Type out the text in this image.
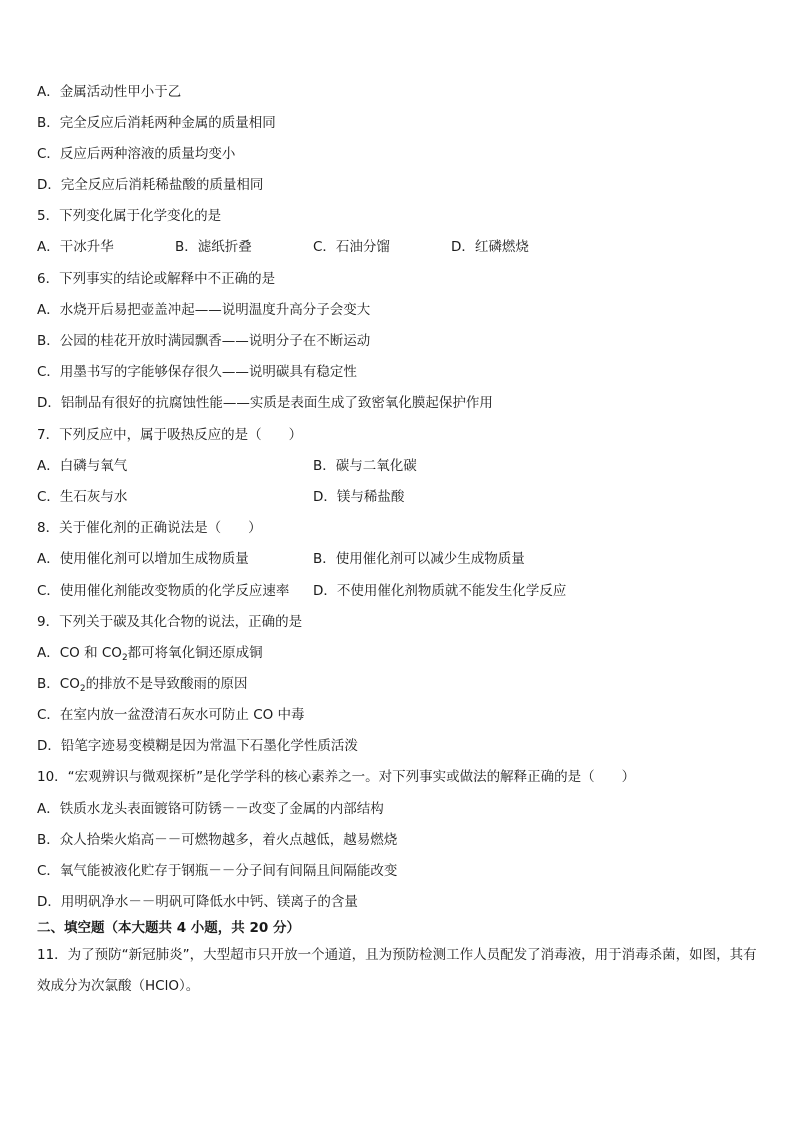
A．金属活动性甲小于乙
B．完全反应后消耗两种金属的质量相同
C．反应后两种溶液的质量均变小
D．完全反应后消耗稀盐酸的质量相同
5．下列变化属于化学变化的是
A．干冰升华	B．滤纸折叠	C．石油分馏	D．红磷燃烧
6．下列事实的结论或解释中不正确的是
A．水烧开后易把壶盖冲起——说明温度升高分子会变大
B．公园的桂花开放时满园飘香——说明分子在不断运动
C．用墨书写的字能够保存很久——说明碳具有稳定性
D．铝制品有很好的抗腐蚀性能——实质是表面生成了致密氧化膜起保护作用
7．下列反应中，属于吸热反应的是（　　）
A．白磷与氧气	B．碳与二氧化碳
C．生石灰与水	D．镁与稀盐酸
8．关于催化剂的正确说法是（　　）
A．使用催化剂可以增加生成物质量	B．使用催化剂可以减少生成物质量
C．使用催化剂能改变物质的化学反应速率 D．不使用催化剂物质就不能发生化学反应
9．下列关于碳及其化合物的说法，正确的是
A．CO 和 $CO_2$都可将氧化铜还原成铜
B．$CO_2$的排放不是导致酸雨的原因
C．在室内放一盆澄清石灰水可防止 CO 中毒
D．铅笔字迹易变模糊是因为常温下石墨化学性质活泼
10．“宏观辨识与微观探析”是化学学科的核心素养之一。对下列事实或做法的解释正确的是（　　）
A．铁质水龙头表面镀铬可防锈－－改变了金属的内部结构
B．众人拾柴火焰高－－可燃物越多，着火点越低，越易燃烧
C．氧气能被液化贮存于钢瓶－－分子间有间隔且间隔能改变
D．用明矾净水－－明矾可降低水中钙、镁离子的含量
二、填空题（本大题共 4 小题，共 20 分）
11．为了预防“新冠肺炎”，大型超市只开放一个通道，且为预防检测工作人员配发了消毒液，用于消毒杀菌，如图，其有效成分为次氯酸（HClO）。
